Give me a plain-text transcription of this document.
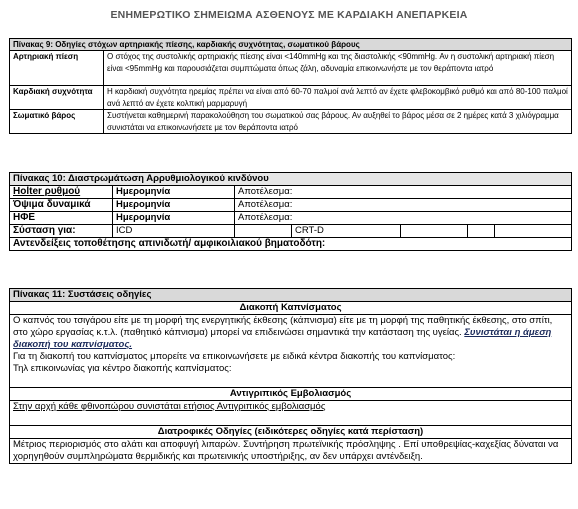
ΕΝΗΜΕΡΩΤΙΚΟ ΣΗΜΕΙΩΜΑ ΑΣΘΕΝΟΥΣ ΜΕ ΚΑΡΔΙΑΚΗ ΑΝΕΠΑΡΚΕΙΑ
Πίνακας 9: Οδηγίες στόχων αρτηριακής πίεσης, καρδιακής συχνότητας, σωματικού βάρους	
Αρτηριακή πίεση	Ο στόχος της συστολικής αρτηριακής πίεσης είναι <140mmHg και της διαστολικής <90mmHg. Αν η συστολική αρτηριακή πίεση είναι <95mmHg και παρουσιάζεται συμπτώματα όπως ζάλη, αδυναμία επικοινωνήστε με τον θεράποντα ιατρό
Καρδιακή συχνότητα	Η καρδιακή συχνότητα ηρεμίας πρέπει να είναι από 60-70 παλμοί ανά λεπτό αν έχετε φλεβοκομβικό ρυθμό και από 80-100 παλμοί ανά λεπτό αν έχετε κολπική μαρμαρυγή
Σωματικό βάρος	Συστήνεται καθημερινή παρακολούθηση του σωματικού σας βάρους. Αν αυξηθεί το βάρος μέσα σε 2 ημέρες κατά 3 χιλιόγραμμα συνιστάται να επικοινωνήσετε με τον θεράποντα ιατρό
Πίνακας 10: Διαστρωμάτωση Αρρυθμιολογικού κινδύνου						
Holter ρυθμού	Ημερομηνία	Αποτέλεσμα:				
Όψιμα δυναμικά	Ημερομηνία	Αποτέλεσμα:				
ΗΦΕ	Ημερομηνία	Αποτέλεσμα:				
Σύσταση για:	ICD		CRT-D			
Αντενδείξεις τοποθέτησης απινιδωτή/ αμφικοιλιακού βηματοδότη:						
Πίνακας 11: Συστάσεις οδηγίες
Διακοπή Καπνίσματος
Ο καπνός του τσιγάρου είτε με τη μορφή της ενεργητικής έκθεσης (κάπνισμα) είτε με τη μορφή της παθητικής έκθεσης, στο σπίτι, στο χώρο εργασίας κ.τ.λ. (παθητικό κάπνισμα) μπορεί να επιδεινώσει σημαντικά την κατάσταση της υγείας. Συνιστάται η άμεση διακοπή του καπνίσματος.
Για τη διακοπή του καπνίσματος μπορείτε να επικοινωνήσετε με ειδικά κέντρα διακοπής του καπνίσματος:
Τηλ επικοινωνίας για κέντρο διακοπής καπνίσματος:

Αντιγριπικός Εμβολιασμός
Στην αρχή κάθε φθινοπώρου συνιστάται ετήσιος Αντιγριπικός εμβολιασμός
Διατροφικές Οδηγίες (ειδικότερες οδηγίες κατά περίσταση)
Μέτριος περιορισμός στο αλάτι και αποφυγή λιπαρών. Συντήρηση πρωτεϊνικής πρόσληψης . Επί υποθρεψίας-καχεξίας δύναται να χορηγηθούν συμπληρώματα θερμιδικής και πρωτεινικής υποστήριξης, αν δεν υπάρχει αντένδειξη.
